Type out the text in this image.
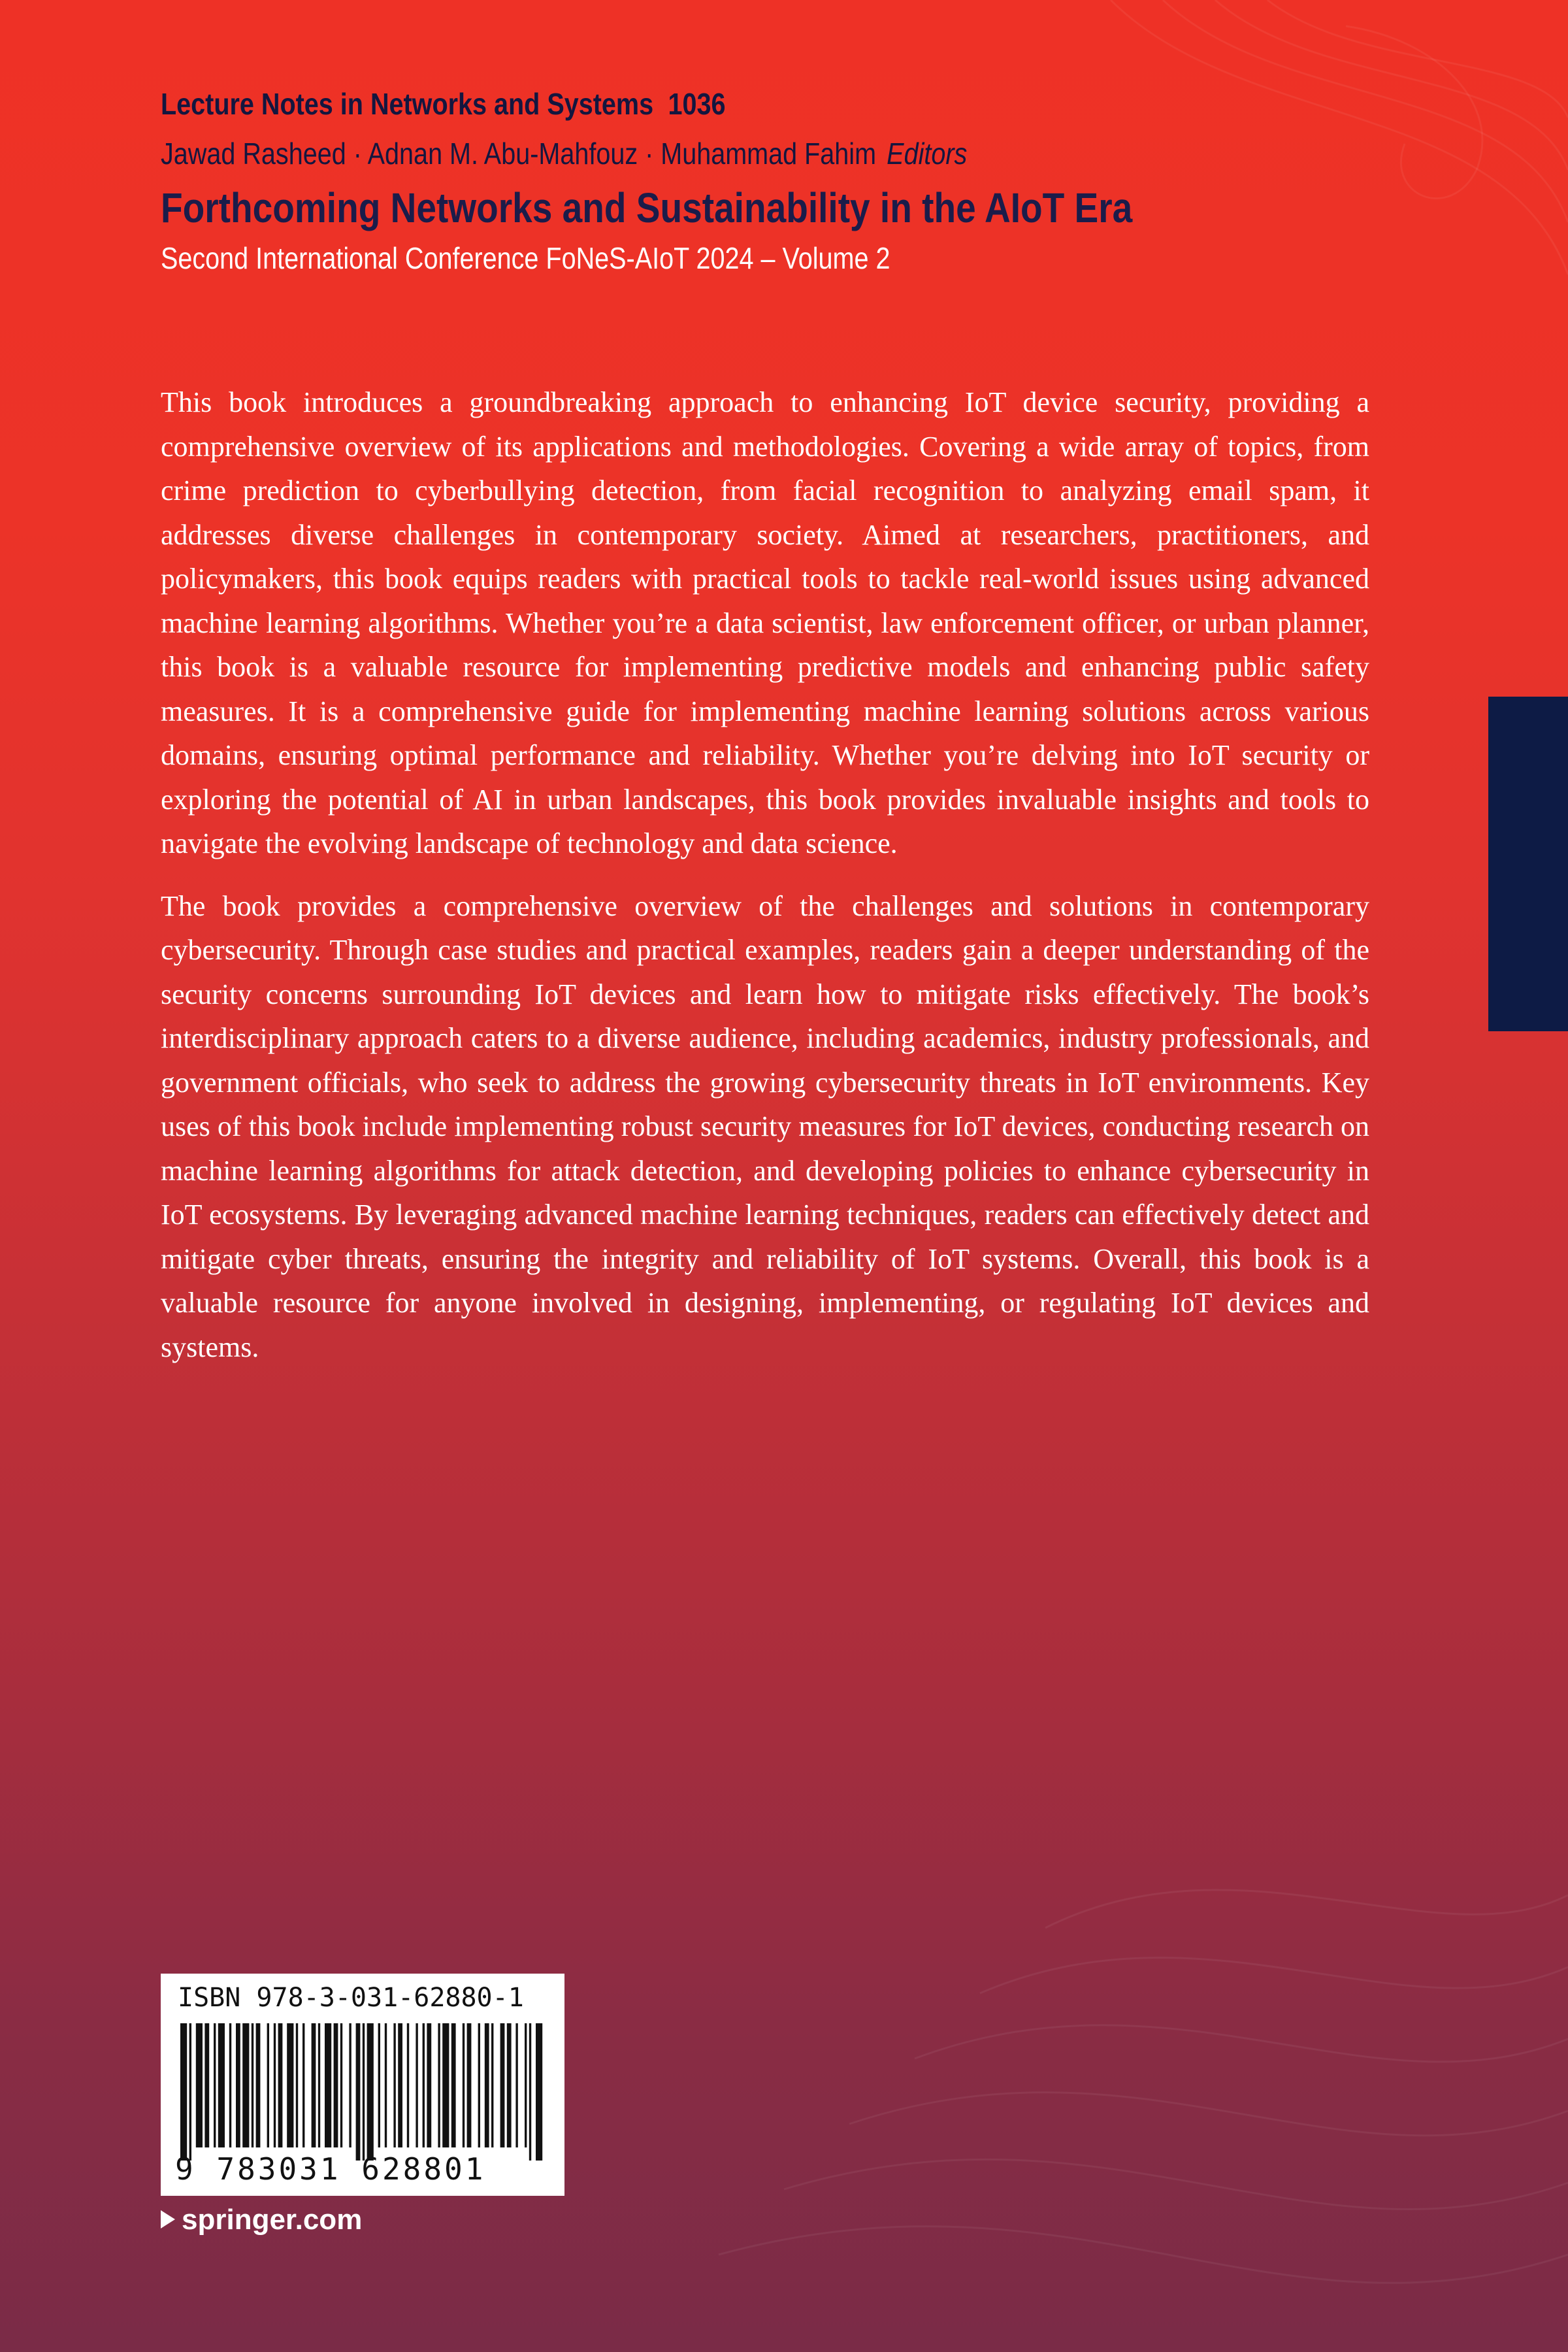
Lecture Notes in Networks and Systems 1036
Jawad Rasheed · Adnan M. Abu-Mahfouz · Muhammad Fahim Editors
Forthcoming Networks and Sustainability in the AIoT Era
Second International Conference FoNeS-AIoT 2024 – Volume 2

This book introduces a groundbreaking approach to enhancing IoT device security, providing a comprehensive overview of its applications and methodologies. Covering a wide array of topics, from crime prediction to cyberbullying detection, from facial recognition to analyzing email spam, it addresses diverse challenges in contemporary society. Aimed at researchers, practitioners, and policymakers, this book equips readers with practical tools to tackle real-world issues using advanced machine learning algorithms. Whether you’re a data scientist, law enforcement officer, or urban planner, this book is a valuable resource for implementing predictive models and enhancing public safety measures. It is a comprehensive guide for implementing machine learning solutions across various domains, ensuring optimal performance and reliability. Whether you’re delving into IoT security or exploring the potential of AI in urban landscapes, this book provides invaluable insights and tools to navigate the evolving landscape of technology and data science.

The book provides a comprehensive overview of the challenges and solutions in contemporary cybersecurity. Through case studies and practical examples, readers gain a deeper understanding of the security concerns surrounding IoT devices and learn how to mitigate risks effectively. The book’s interdisciplinary approach caters to a diverse audience, including academics, industry professionals, and government officials, who seek to address the growing cybersecurity threats in IoT environments. Key uses of this book include implementing robust security measures for IoT devices, conducting research on machine learning algorithms for attack detection, and developing policies to enhance cybersecurity in IoT ecosystems. By leveraging advanced machine learning techniques, readers can effectively detect and mitigate cyber threats, ensuring the integrity and reliability of IoT systems. Overall, this book is a valuable resource for anyone involved in designing, implementing, or regulating IoT devices and systems.

ISBN 978-3-031-62880-1
9 783031 628801
springer.com
